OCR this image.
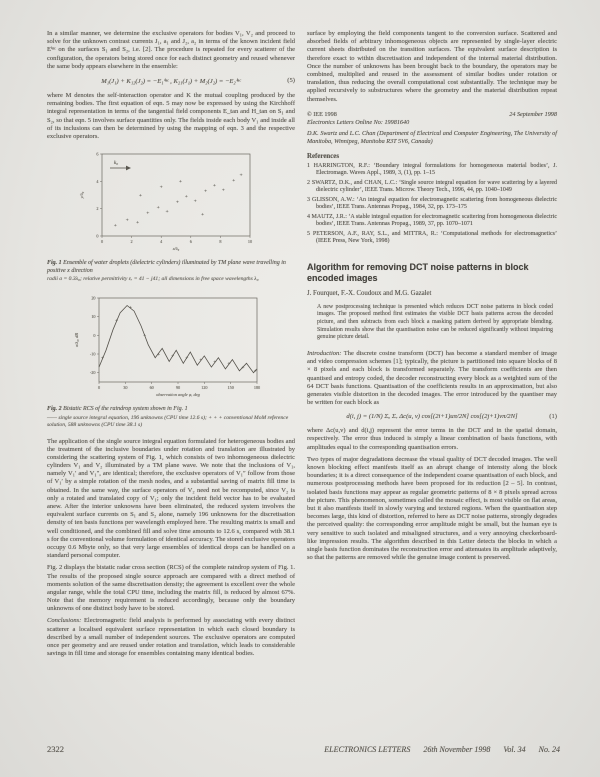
In a similar manner, we determine the exclusive operators for bodies V₁, V₂ and proceed to solve for the unknown contrast currents J₁, a₁ and J₂, a₂ in terms of the known incident field Eⁱⁿᶜ on the surfaces S₁ and S₂, i.e. [2]. The procedure is repeated for every scatterer of the configuration, the operators being stored once for each distinct geometry and reused whenever the same body appears elsewhere in the ensemble:

M₁(J₁) + K₁₂(J₂) = −E₁ⁱⁿᶜ , K₂₁(J₁) + M₂(J₂) = −E₂ⁱⁿᶜ	(5)

where M denotes the self-interaction operator and K the mutual coupling produced by the remaining bodies. The first equation of eqn. 5 may now be expressed by using the Kirchhoff integral representation in terms of the tangential field components E_tan and H_tan on S₁ and S₂, so that eqn. 5 involves surface quantities only. The fields inside each body V₁ and inside all of its inclusions can then be determined by using the mapping of eqn. 3 and the respective exclusive operators.

k₀
0	2	4	6	8	10
0
2
4
6
+
+ +
+
+
+
+
+
+
+
+
+
+
+
+
+
+
+
x/λ₀
y/λ₀
Fig. 1 Ensemble of water droplets (dielectric cylinders) illuminated by TM plane wave travelling in positive x direction
radii a = 0.3λ₀; relative permittivity εᵣ = 41 − j41; all dimensions in free space wavelengths λ₀
0	30	60	90	120	150	180
20
10
0
-10
-20
+
+
+
+
+ + + + + +
+
+
observation angle φ, deg
σ/λ₀, dB
Fig. 2 Bistatic RCS of the raindrop system shown in Fig. 1
—— single source integral equation, 196 unknowns (CPU time 12.6 s); + + + conventional MoM reference solution, 588 unknowns (CPU time 38.1 s)

The application of the single source integral equation formulated for heterogeneous bodies and the treatment of the inclusive boundaries under rotation and translation are illustrated by considering the scattering system of Fig. 1, which consists of two inhomogeneous dielectric cylinders V₁ and V₂ illuminated by a TM plane wave. We note that the inclusions of V₁, namely V₁′ and V₁″, are identical; therefore, the exclusive operators of V₁″ follow from those of V₁′ by a simple rotation of the mesh nodes, and a substantial saving of matrix fill time is obtained. In the same way, the surface operators of V₂ need not be recomputed, since V₂ is only a rotated and translated copy of V₁; only the incident field vector has to be evaluated anew. After the interior unknowns have been eliminated, the reduced system involves the equivalent surface currents on S₁ and S₂ alone, namely 196 unknowns for the discretisation density of ten basis functions per wavelength employed here. The resulting matrix is small and well conditioned, and the combined fill and solve time amounts to 12.6 s, compared with 38.1 s for the conventional volume formulation of identical accuracy. The stored exclusive operators occupy 0.6 Mbyte only, so that very large ensembles of identical drops can be handled on a standard personal computer.

Fig. 2 displays the bistatic radar cross section (RCS) of the complete raindrop system of Fig. 1. The results of the proposed single source approach are compared with a direct method of moments solution of the same discretisation density; the agreement is excellent over the whole angular range, while the total CPU time, including the matrix fill, is reduced by almost 67%. Note that the memory requirement is reduced accordingly, because only the boundary unknowns of one distinct body have to be stored.

Conclusions: Electromagnetic field analysis is performed by associating with every distinct scatterer a localised equivalent surface representation in which each closed boundary is described by a small number of independent sources. The exclusive operators are computed once per geometry and are reused under rotation and translation, which leads to considerable savings in fill time and storage for ensembles containing many identical bodies.

surface by employing the field components tangent to the conversion surface. Scattered and absorbed fields of arbitrary inhomogeneous objects are represented by single-layer electric current sheets distributed on the transition surfaces. The equivalent surface description is therefore exact to within discretisation and independent of the internal material distribution. Once the number of unknowns has been brought back to the boundary, the operators may be combined, multiplied and reused in the assessment of similar bodies under rotation or translation, thus reducing the overall computational cost substantially. The technique may be applied recursively to substructures where the geometry and the material distribution repeat themselves.

© IEE 1998	24 September 1998
Electronics Letters Online No: 19981640
D.K. Swartz and L.C. Chan (Department of Electrical and Computer Engineering, The University of Manitoba, Winnipeg, Manitoba R3T 5V6, Canada)
References
1 HARRINGTON, R.F.: ‘Boundary integral formulations for homogeneous material bodies’, J. Electromagn. Waves Appl., 1989, 3, (1), pp. 1–15
2 SWARTZ, D.K., and CHAN, L.C.: ‘Single source integral equation for wave scattering by a layered dielectric cylinder’, IEEE Trans. Microw. Theory Tech., 1996, 44, pp. 1040–1049
3 GLISSON, A.W.: ‘An integral equation for electromagnetic scattering from homogeneous dielectric bodies’, IEEE Trans. Antennas Propag., 1984, 32, pp. 173–175
4 MAUTZ, J.R.: ‘A stable integral equation for electromagnetic scattering from homogeneous dielectric bodies’, IEEE Trans. Antennas Propag., 1989, 37, pp. 1070–1071
5 PETERSON, A.F., RAY, S.L., and MITTRA, R.: ‘Computational methods for electromagnetics’ (IEEE Press, New York, 1998)
Algorithm for removing DCT noise patterns in block encoded images
J. Fourquet, F.-X. Coudoux and M.G. Gazalet
A new postprocessing technique is presented which reduces DCT noise patterns in block coded images. The proposed method first estimates the visible DCT basis patterns across the decoded picture, and then subtracts from each block a masking pattern derived by appropriate blending. Simulation results show that the quantisation noise can be reduced significantly without impairing genuine picture detail.

Introduction: The discrete cosine transform (DCT) has become a standard member of image and video compression schemes [1]; typically, the picture is partitioned into square blocks of 8 × 8 pixels and each block is transformed separately. The transform coefficients are then quantised and entropy coded, the decoder reconstructing every block as a weighted sum of the 64 DCT basis functions. Quantisation of the coefficients results in an approximation, but also generates visible distortion in the decoded images. The error introduced by the quantiser may be written for each block as

d(i, j) = (1/N) Σᵤ Σᵥ Δc(u, v) cos[(2i+1)uπ/2N] cos[(2j+1)vπ/2N]	(1)

where Δc(u,v) and d(i,j) represent the error terms in the DCT and in the spatial domain, respectively. The error thus induced is simply a linear combination of basis functions, with amplitudes equal to the corresponding quantisation errors.

Two types of major degradations decrease the visual quality of DCT decoded images. The well known blocking effect manifests itself as an abrupt change of intensity along the block boundaries; it is a direct consequence of the independent coarse quantisation of each block, and numerous postprocessing methods have been proposed for its reduction [2 – 5]. In contrast, isolated basis functions may appear as regular geometric patterns of 8 × 8 pixels spread across the picture. This phenomenon, sometimes called the mosaic effect, is most visible on flat areas, but it also manifests itself in slowly varying and textured regions. When the quantisation step becomes large, this kind of distortion, referred to here as DCT noise patterns, strongly degrades the perceived quality: the corresponding error amplitude might be small, but the human eye is very sensitive to such isolated and misaligned structures, and a very annoying checkerboard-like impression results. The algorithm described in this Letter detects the blocks in which a single basis function dominates the reconstruction error and attenuates its amplitude adaptively, so that the patterns are removed while the genuine image content is preserved.

2322	ELECTRONICS LETTERS 26th November 1998 Vol. 34 No. 24
